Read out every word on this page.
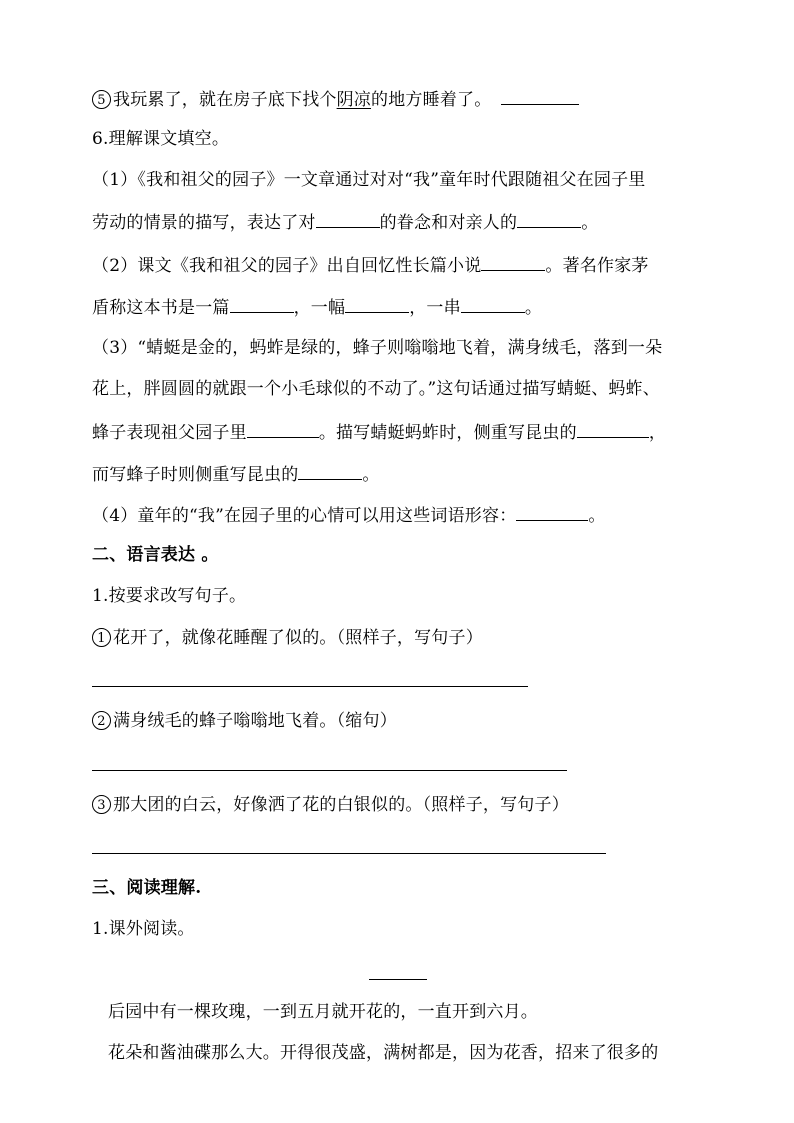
5 我玩累了，就在房子底下找个阴凉的地方睡着了。
6.理解课文填空。
（1）《我和祖父的园子》一文章通过对对“我”童年时代跟随祖父在园子里
劳动的情景的描写，表达了对	的眷念和对亲人的	。
（2）课文《我和祖父的园子》出自回忆性长篇小说	。著名作家茅
盾称这本书是一篇	，一幅	，一串	。
（3）“蜻蜓是金的，蚂蚱是绿的，蜂子则嗡嗡地飞着，满身绒毛，落到一朵
花上，胖圆圆的就跟一个小毛球似的不动了。”这句话通过描写蜻蜓、蚂蚱、
蜂子表现祖父园子里	。描写蜻蜓蚂蚱时，侧重写昆虫的	，
而写蜂子时则侧重写昆虫的	。
（4）童年的“我”在园子里的心情可以用这些词语形容：	。
二、语言表达 。
1.按要求改写句子。
1 花开了，就像花睡醒了似的。（照样子，写句子）
2 满身绒毛的蜂子嗡嗡地飞着。（缩句）
3 那大团的白云，好像洒了花的白银似的。（照样子，写句子）
三、阅读理解.
1.课外阅读。
后园中有一棵玫瑰，一到五月就开花的，一直开到六月。
花朵和酱油碟那么大。开得很茂盛，满树都是，因为花香，招来了很多的
